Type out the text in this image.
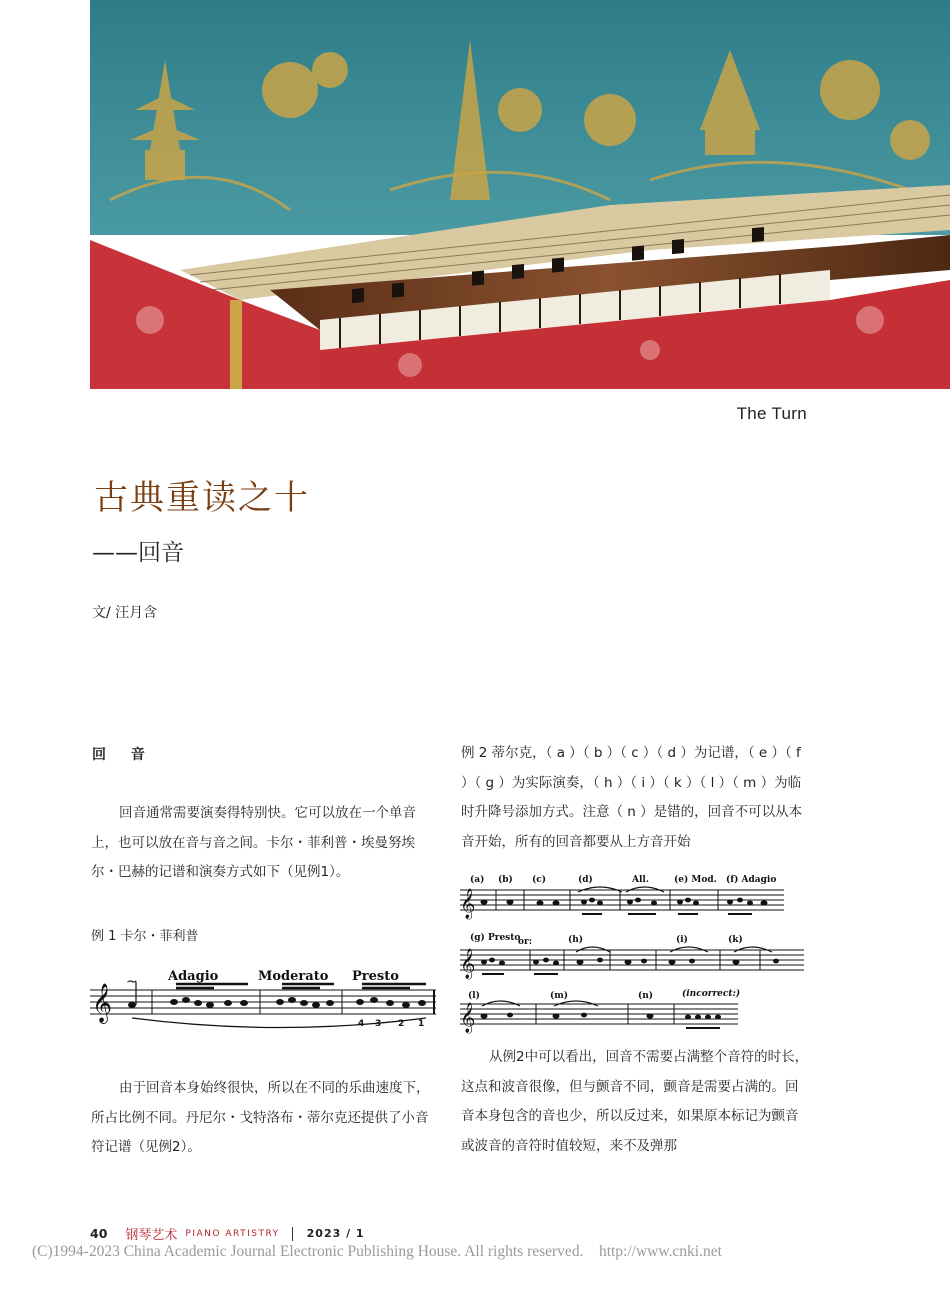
The Turn
古典重读之十
——回音
文/ 汪月含
回 音

回音通常需要演奏得特别快。它可以放在一个单音上，也可以放在音与音之间。卡尔・菲利普・埃曼努埃尔・巴赫的记谱和演奏方式如下（见例1）。

例 1 卡尔・菲利普
𝄞
~ Adagio	Moderato Presto
4 3 2 1

由于回音本身始终很快，所以在不同的乐曲速度下，所占比例不同。丹尼尔・戈特洛布・蒂尔克还提供了小音符记谱（见例2）。

例 2 蒂尔克，（ a ）（ b ）（ c ）（ d ）为记谱，（ e ）（ f ）（ g ）为实际演奏，（ h ）（ i ）（ k ）（ l ）（ m ）为临时升降号添加方式。注意（ n ）是错的，回音不可以从本音开始，所有的回音都要从上方音开始

(a) (b) (c)	(d)	All.	(e) Mod. (f) Adagio
(g) Presto
or:	(h)	(i)	(k)
(l)	(m)	(n)	(incorrect:)
𝄞
𝄞
𝄞

从例2中可以看出，回音不需要占满整个音符的时长，这点和波音很像，但与颤音不同，颤音是需要占满的。回音本身包含的音也少，所以反过来，如果原本标记为颤音或波音的音符时值较短，来不及弹那

40 钢琴艺术 PIANO ARTISTRY 2023 / 1
(C)1994-2023 China Academic Journal Electronic Publishing House. All rights reserved.    http://www.cnki.net
